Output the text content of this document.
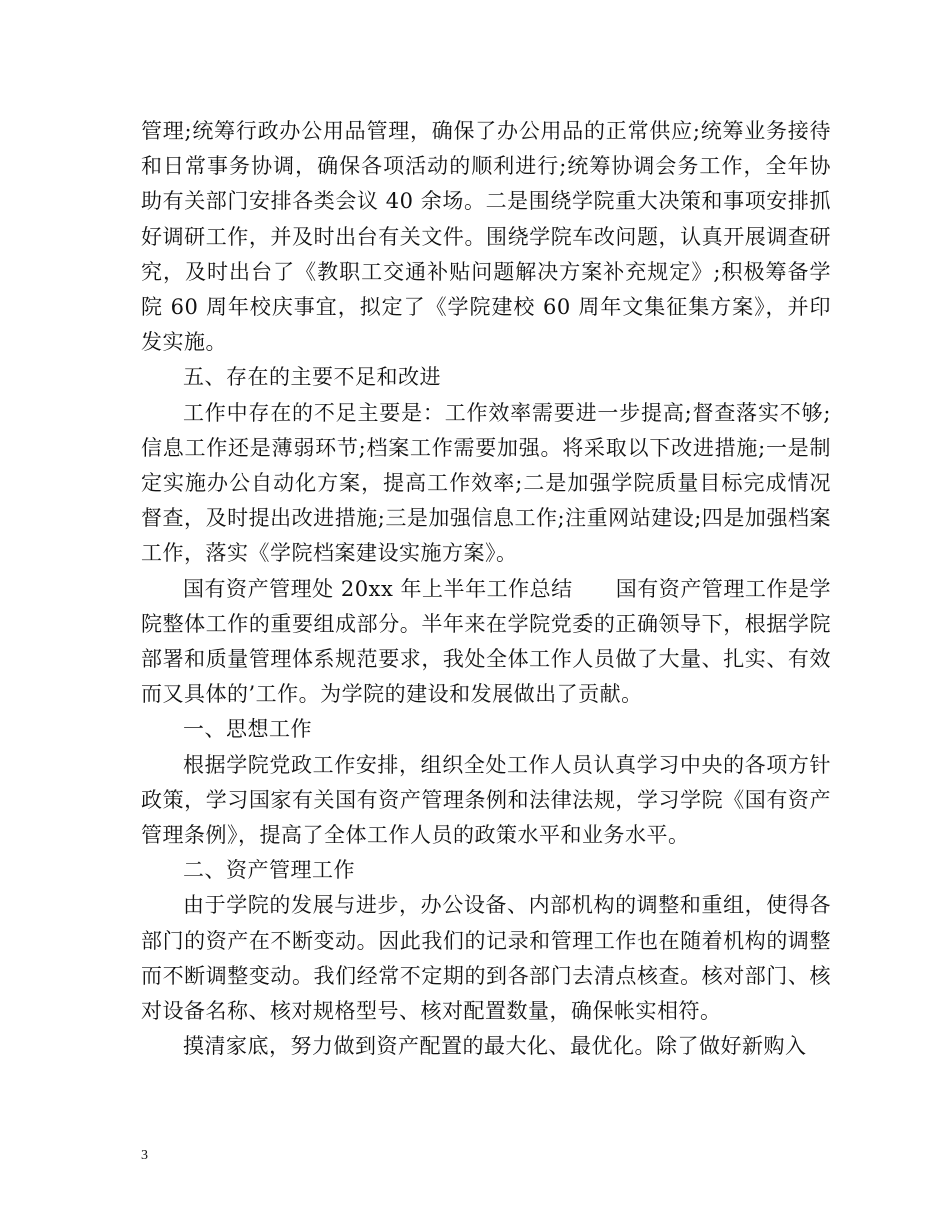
管理;统筹行政办公用品管理，确保了办公用品的正常供应;统筹业务接待和日常事务协调，确保各项活动的顺利进行;统筹协调会务工作，全年协助有关部门安排各类会议 40 余场。二是围绕学院重大决策和事项安排抓好调研工作，并及时出台有关文件。围绕学院车改问题，认真开展调查研究，及时出台了《教职工交通补贴问题解决方案补充规定》;积极筹备学院 60 周年校庆事宜，拟定了《学院建校 60 周年文集征集方案》，并印发实施。

五、存在的主要不足和改进

工作中存在的不足主要是：工作效率需要进一步提高;督查落实不够;信息工作还是薄弱环节;档案工作需要加强。将采取以下改进措施;一是制定实施办公自动化方案，提高工作效率;二是加强学院质量目标完成情况督查，及时提出改进措施;三是加强信息工作;注重网站建设;四是加强档案工作，落实《学院档案建设实施方案》。

国有资产管理处 20xx 年上半年工作总结　　国有资产管理工作是学院整体工作的重要组成部分。半年来在学院党委的正确领导下，根据学院部署和质量管理体系规范要求，我处全体工作人员做了大量、扎实、有效而又具体的’工作。为学院的建设和发展做出了贡献。

一、思想工作

根据学院党政工作安排，组织全处工作人员认真学习中央的各项方针政策，学习国家有关国有资产管理条例和法律法规，学习学院《国有资产管理条例》，提高了全体工作人员的政策水平和业务水平。

二、资产管理工作

由于学院的发展与进步，办公设备、内部机构的调整和重组，使得各部门的资产在不断变动。因此我们的记录和管理工作也在随着机构的调整而不断调整变动。我们经常不定期的到各部门去清点核查。核对部门、核对设备名称、核对规格型号、核对配置数量，确保帐实相符。

摸清家底，努力做到资产配置的最大化、最优化。除了做好新购入

3
